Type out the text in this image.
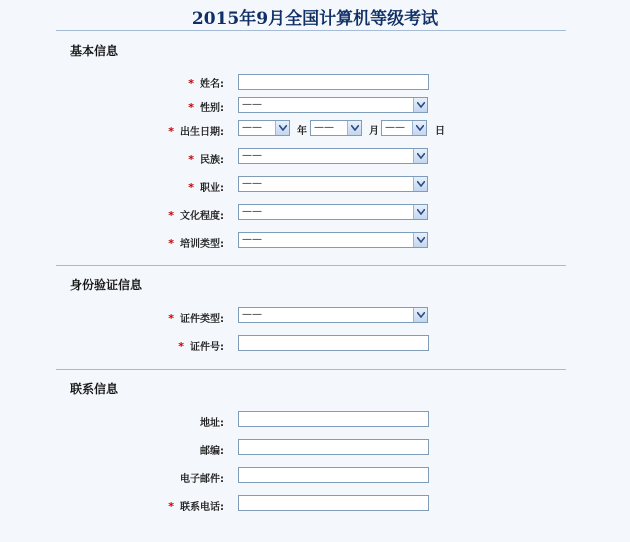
2015年9月全国计算机等级考试
基本信息
* 姓名:
* 性别: ——
* 出生日期: ——	年 ——	月 ——	日
* 民族: ——
* 职业: ——
* 文化程度: ——
* 培训类型: ——
身份验证信息
* 证件类型: ——
* 证件号:
联系信息
地址:
邮编:
电子邮件:
* 联系电话:
